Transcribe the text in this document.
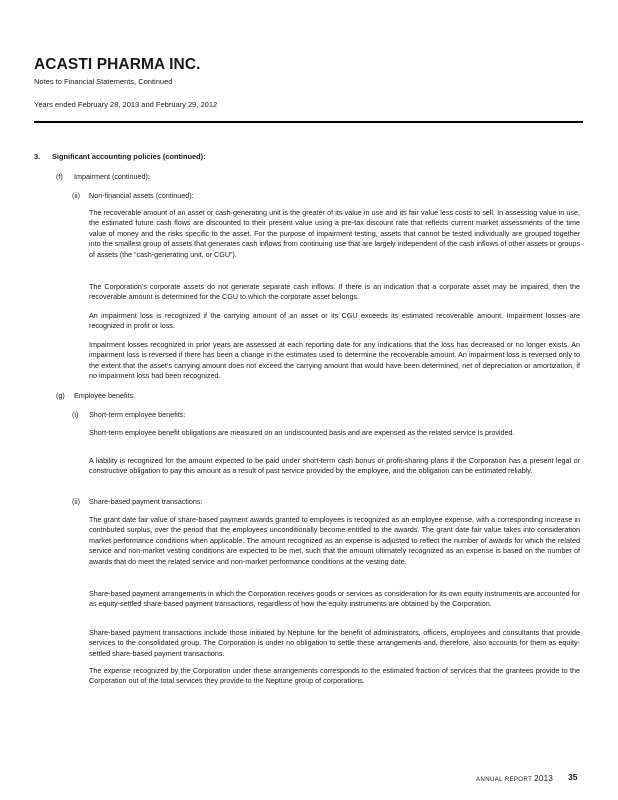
ACASTI PHARMA INC.
Notes to Financial Statements, Continued
Years ended February 28, 2013 and February 29, 2012
3. Significant accounting policies (continued):
(f) Impairment (continued):
(ii) Non-financial assets (continued):
The recoverable amount of an asset or cash-generating unit is the greater of its value in use and its fair value less costs to sell. In assessing value in use, the estimated future cash flows are discounted to their present value using a pre-tax discount rate that reflects current market assessments of the time value of money and the risks specific to the asset. For the purpose of impairment testing, assets that cannot be tested individually are grouped together into the smallest group of assets that generates cash inflows from continuing use that are largely independent of the cash inflows of other assets or groups of assets (the “cash-generating unit, or CGU”).
The Corporation’s corporate assets do not generate separate cash inflows. If there is an indication that a corporate asset may be impaired, then the recoverable amount is determined for the CGU to which the corporate asset belongs.
An impairment loss is recognized if the carrying amount of an asset or its CGU exceeds its estimated recoverable amount. Impairment losses are recognized in profit or loss.
Impairment losses recognized in prior years are assessed at each reporting date for any indications that the loss has decreased or no longer exists. An impairment loss is reversed if there has been a change in the estimates used to determine the recoverable amount. An impairment loss is reversed only to the extent that the asset’s carrying amount does not exceed the carrying amount that would have been determined, net of depreciation or amortization, if no impairment loss had been recognized.
(g) Employee benefits:
(i) Short-term employee benefits:
Short-term employee benefit obligations are measured on an undiscounted basis and are expensed as the related service is provided.
A liability is recognized for the amount expected to be paid under short-term cash bonus or profit-sharing plans if the Corporation has a present legal or constructive obligation to pay this amount as a result of past service provided by the employee, and the obligation can be estimated reliably.
(ii) Share-based payment transactions:
The grant date fair value of share-based payment awards granted to employees is recognized as an employee expense, with a corresponding increase in contributed surplus, over the period that the employees unconditionally become entitled to the awards. The grant date fair value takes into consideration market performance conditions when applicable. The amount recognized as an expense is adjusted to reflect the number of awards for which the related service and non-market vesting conditions are expected to be met, such that the amount ultimately recognized as an expense is based on the number of awards that do meet the related service and non-market performance conditions at the vesting date.
Share-based payment arrangements in which the Corporation receives goods or services as consideration for its own equity instruments are accounted for as equity-settled share-based payment transactions, regardless of how the equity instruments are obtained by the Corporation.
Share-based payment transactions include those initiated by Neptune for the benefit of administrators, officers, employees and consultants that provide services to the consolidated group. The Corporation is under no obligation to settle these arrangements and, therefore, also accounts for them as equity-settled share-based payment transactions.
The expense recognized by the Corporation under these arrangements corresponds to the estimated fraction of services that the grantees provide to the Corporation out of the total services they provide to the Neptune group of corporations.
ANNUAL REPORT 2013 35
